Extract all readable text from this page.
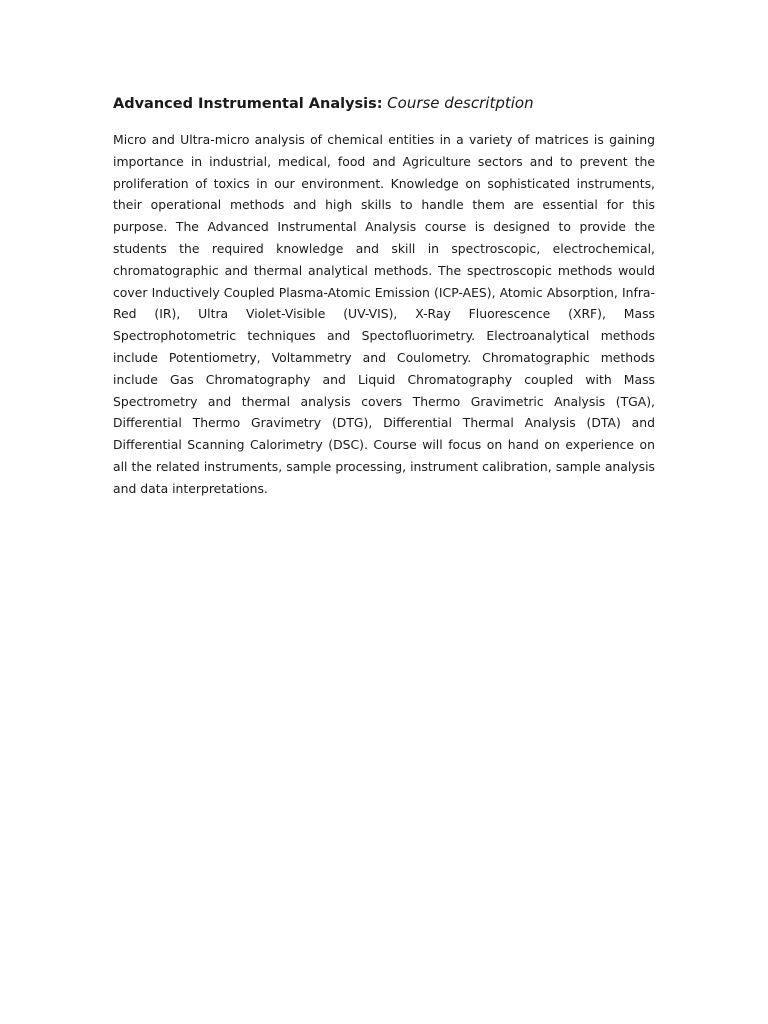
Advanced Instrumental Analysis: Course descritption

Micro and Ultra-micro analysis of chemical entities in a variety of matrices is gaining importance in industrial, medical, food and Agriculture sectors and to prevent the proliferation of toxics in our environment. Knowledge on sophisticated instruments, their operational methods and high skills to handle them are essential for this purpose. The Advanced Instrumental Analysis course is designed to provide the students the required knowledge and skill in spectroscopic, electrochemical, chromatographic and thermal analytical methods. The spectroscopic methods would cover Inductively Coupled Plasma-Atomic Emission (ICP-AES), Atomic Absorption, Infra-Red (IR), Ultra Violet-Visible (UV-VIS), X-Ray Fluorescence (XRF), Mass Spectrophotometric techniques and Spectofluorimetry. Electroanalytical methods include Potentiometry, Voltammetry and Coulometry. Chromatographic methods include Gas Chromatography and Liquid Chromatography coupled with Mass Spectrometry and thermal analysis covers Thermo Gravimetric Analysis (TGA), Differential Thermo Gravimetry (DTG), Differential Thermal Analysis (DTA) and Differential Scanning Calorimetry (DSC). Course will focus on hand on experience on all the related instruments, sample processing, instrument calibration, sample analysis and data interpretations.
